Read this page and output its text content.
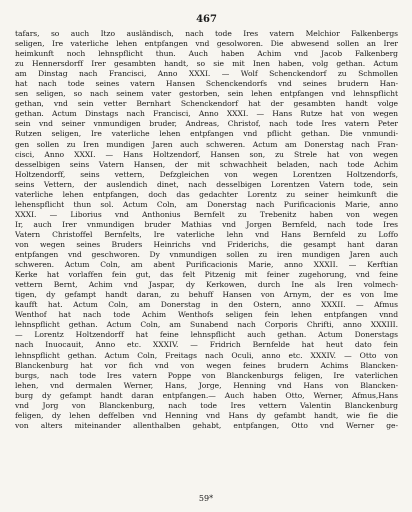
467
tafars, so auch Itzo ausländisch, nach tode Ires vatern Melchior Falkenbergs
seligen, Ire vaterliche lehen entpfangen vnd gesolworen. Die abwesend sollen an Irer
heimkunft noch lehnspflicht thun. Auch haben Achim vnd Jacob Falkenberg
zu Hennersdorff Irer gesambten handt, so sie mit Inen haben, volg gethan. Actum
am Dinstag nach Francisci, Anno XXXI. — Wolf Schenckendorf zu Schmollen
hat nach tode seines vatern Hansen Schenckendorfs vnd seines brudern Han-
sen seligen, so nach seinem vater gestorben, sein lehen entpfangen vnd lehnspflicht
gethan, vnd sein vetter Bernhart Schenckendorf hat der gesambten handt volge
gethan. Actum Dinstags nach Francisci, Anno XXXI. — Hans Rutze hat von wegen
sein vnd seiner vnmundigen bruder, Andreas, Christof, nach tode Ires vatern Peter
Rutzen seligen, Ire vaterliche lehen entpfangen vnd pflicht gethan. Die vnmundi-
gen sollen zu Iren mundigen Jaren auch schweren. Actum am Donerstag nach Fran-
cisci, Anno XXXI. — Hans Holtzendorf, Hansen son, zu Strele hat von wegen
desselbigen seins Vatern Hansen, der mit schwachheit beladen, nach tode Achim
Holtzendorff, seins vettern, Defzgleichen von wegen Lorentzen Holtzendorfs,
seins Vettern, der auslendich dinet, nach desselbigen Lorentzen Vatern tode, sein
vaterliche lehen entpfangen, doch das gedachter Lorentz zu seiner heimkunft die
lehenspflicht thun sol. Actum Coln, am Donerstag nach Purificacionis Marie, anno
XXXI. — Liborius vnd Anthonius Bernfelt zu Trebenitz haben von wegen
Ir, auch Irer vnmundigen bruder Mathias vnd Jorgen Bernfeld, nach tode Ires
Vatern Christoffel Bernfelts, Ire vaterliche lehn vnd Hans Bernfeld zu Loffo
von wegen seines Bruders Heinrichs vnd Friderichs, die gesampt hant daran
entpfangen vnd geschworen. Dy vnmundigen sollen zu iren mundigen Jaren auch
schweren. Actum Coln, am abent Purificacionis Marie, anno XXXII. — Kerftian
Kerke hat vorlaffen fein gut, das felt Pitzenig mit feiner zugehorung, vnd feine
vettern Bernt, Achim vnd Jaspar, dy Kerkowen, durch Ine als Iren volmech-
tigen, dy gefampt handt daran, zu behuff Hansen von Arnym, der es von Ime
kaufft hat. Actum Coln, am Donerstag in den Ostern, anno XXXII. — Afmus
Wenthof hat nach tode Achim Wenthofs seligen fein lehen entpfangen vnnd
lehnspflicht gethan. Actum Coln, am Sunabend nach Corporis Chrifti, anno XXXIII.
— Lorentz Holtzendorff hat feine lehnspflicht auch gethan. Actum Donerstags
nach Inuocauit, Anno etc. XXXIV. — Fridrich Bernfelde hat heut dato fein
lehnspflicht gethan. Actum Coln, Freitags nach Oculi, anno etc. XXXIV. — Otto von
Blanckenburg hat vor fich vnd von wegen feines brudern Achims Blancken-
burgs, nach tode Ires vatern Poppe von Blanckenburgs feligen, Ire vaterlichen
lehen, vnd dermalen Werner, Hans, Jorge, Henning vnd Hans von Blancken-
burg dy gefampt handt daran entpfangen.— Auch haben Otto, Werner, Afmus,Hans
vnd Jorg von Blanckenburg, nach tode Ires vettern Valentin Blanckenburg
feligen, dy lehen deffelben vnd Henning vnd Hans dy gefambt handt, wie fie die
von alters miteinander allenthalben gehabt, entpfangen, Otto vnd Werner ge-
59*
